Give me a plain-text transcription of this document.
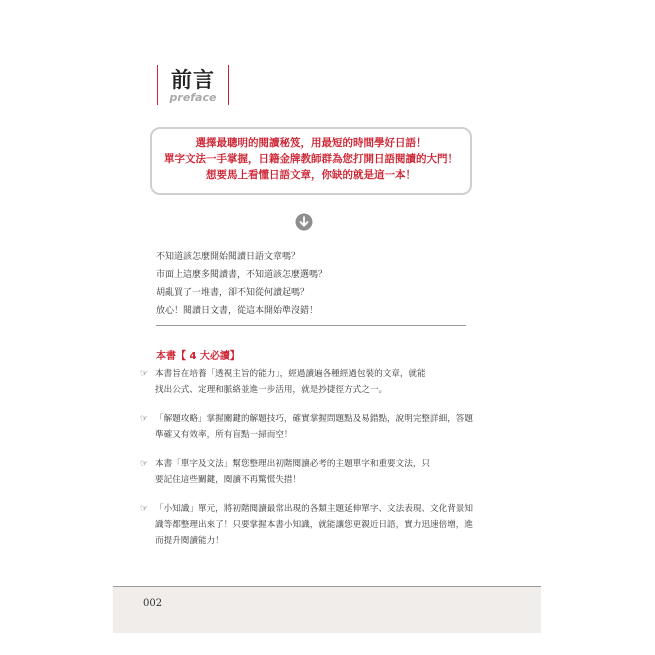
前言
preface
選擇最聰明的閱讀秘笈，用最短的時間學好日語！
單字文法一手掌握，日籍金牌教師群為您打開日語閱讀的大門！
想要馬上看懂日語文章，你缺的就是這一本！
不知道該怎麼開始閱讀日語文章嗎？
市面上這麼多閱讀書，不知道該怎麼選嗎？
胡亂買了一堆書，卻不知從何讀起嗎？
放心！閱讀日文書，從這本開始準沒錯！
本書【 4 大必讀】
☞ 本書旨在培養「透視主旨的能力」，經過讀遍各種經過包裝的文章，就能
找出公式、定理和脈絡並進一步活用，就是抄捷徑方式之一。
☞ 「解題攻略」掌握關鍵的解題技巧，確實掌握問題點及易錯點，說明完整詳細，答題
準確又有效率，所有盲點一掃而空！
☞ 本書「單字及文法」幫您整理出初階閱讀必考的主題單字和重要文法，只
要記住這些關鍵，閱讀不再驚慌失措！
☞ 「小知識」單元，將初階閱讀最常出現的各類主題延伸單字、文法表現、文化背景知
識等都整理出來了！只要掌握本書小知識，就能讓您更親近日語，實力迅速倍增，進
而提升閱讀能力！
002
